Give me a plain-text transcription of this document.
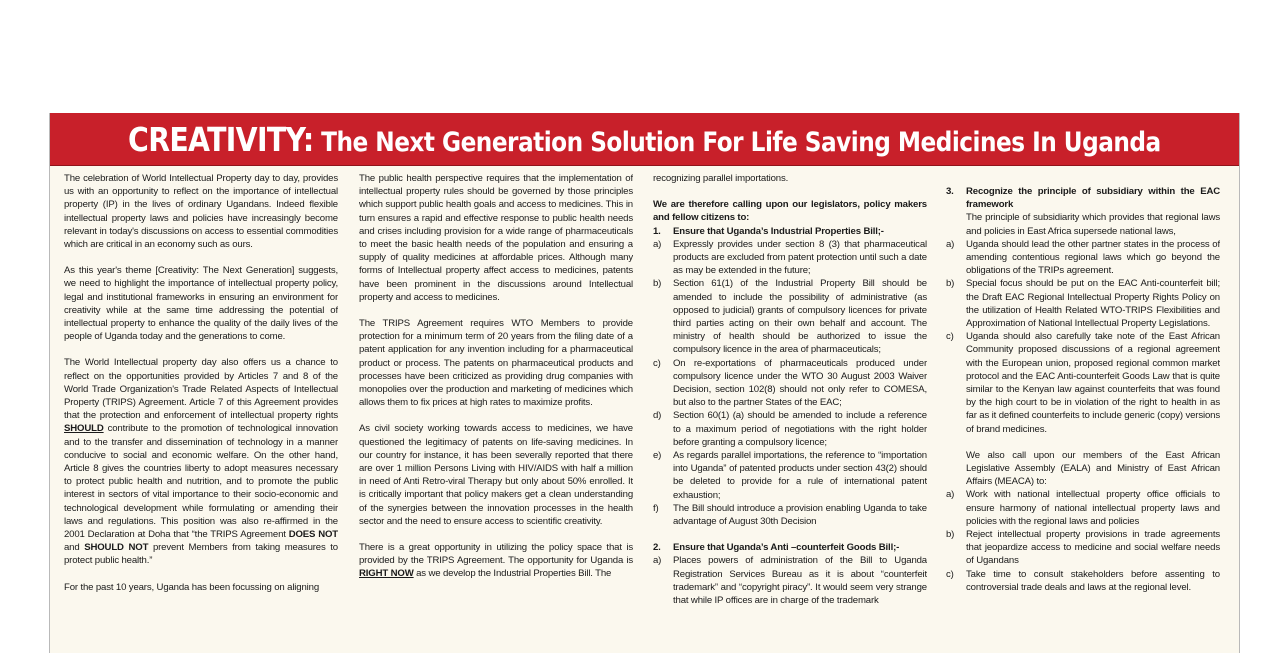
CREATIVITY: The Next Generation Solution For Life Saving Medicines In Uganda

The celebration of World Intellectual Property day to day, provides us with an opportunity to reflect on the importance of intellectual property (IP) in the lives of ordinary Ugandans. Indeed flexible intellectual property laws and policies have increasingly become relevant in today's discussions on access to essential commodities which are critical in an economy such as ours.

As this year's theme [Creativity: The Next Generation] suggests, we need to highlight the importance of intellectual property policy, legal and institutional frameworks in ensuring an environment for creativity while at the same time addressing the potential of intellectual property to enhance the quality of the daily lives of the people of Uganda today and the generations to come.

The World Intellectual property day also offers us a chance to reflect on the opportunities provided by Articles 7 and 8 of the World Trade Organization's Trade Related Aspects of Intellectual Property (TRIPS) Agreement. Article 7 of this Agreement provides that the protection and enforcement of intellectual property rights SHOULD contribute to the promotion of technological innovation and to the transfer and dissemination of technology in a manner conducive to social and economic welfare. On the other hand, Article 8 gives the countries liberty to adopt measures necessary to protect public health and nutrition, and to promote the public interest in sectors of vital importance to their socio-economic and technological development while formulating or amending their laws and regulations. This position was also re-affirmed in the 2001 Declaration at Doha that “the TRIPS Agreement DOES NOT and SHOULD NOT prevent Members from taking measures to protect public health.”

For the past 10 years, Uganda has been focussing on aligning

The public health perspective requires that the implementation of intellectual property rules should be governed by those principles which support public health goals and access to medicines. This in turn ensures a rapid and effective response to public health needs and crises including provision for a wide range of pharmaceuticals to meet the basic health needs of the population and ensuring a supply of quality medicines at affordable prices. Although many forms of Intellectual property affect access to medicines, patents have been prominent in the discussions around Intellectual property and access to medicines.

The TRIPS Agreement requires WTO Members to provide protection for a minimum term of 20 years from the filing date of a patent application for any invention including for a pharmaceutical product or process. The patents on pharmaceutical products and processes have been criticized as providing drug companies with monopolies over the production and marketing of medicines which allows them to fix prices at high rates to maximize profits.

As civil society working towards access to medicines, we have questioned the legitimacy of patents on life-saving medicines. In our country for instance, it has been severally reported that there are over 1 million Persons Living with HIV/AIDS with half a million in need of Anti Retro-viral Therapy but only about 50% enrolled. It is critically important that policy makers get a clean understanding of the synergies between the innovation processes in the health sector and the need to ensure access to scientific creativity.

There is a great opportunity in utilizing the policy space that is provided by the TRIPS Agreement. The opportunity for Uganda is RIGHT NOW as we develop the Industrial Properties Bill. The

recognizing parallel importations.

We are therefore calling upon our legislators, policy makers and fellow citizens to:

1.	Ensure that Uganda’s Industrial Properties Bill;-
a)	Expressly provides under section 8 (3) that pharmaceutical products are excluded from patent protection until such a date as may be extended in the future;
b)	Section 61(1) of the Industrial Property Bill should be amended to include the possibility of administrative (as opposed to judicial) grants of compulsory licences for private third parties acting on their own behalf and account. The ministry of health should be authorized to issue the compulsory licence in the area of pharmaceuticals;
c)	On re-exportations of pharmaceuticals produced under compulsory licence under the WTO 30 August 2003 Waiver Decision, section 102(8) should not only refer to COMESA, but also to the partner States of the EAC;
d)	Section 60(1) (a) should be amended to include a reference to a maximum period of negotiations with the right holder before granting a compulsory licence;
e)	As regards parallel importations, the reference to “importation into Uganda” of patented products under section 43(2) should be deleted to provide for a rule of international patent exhaustion;
f)	The Bill should introduce a provision enabling Uganda to take advantage of August 30th Decision
2.	Ensure that Uganda’s Anti –counterfeit Goods Bill;-
a)	Places powers of administration of the Bill to Uganda Registration Services Bureau as it is about “counterfeit trademark” and “copyright piracy”. It would seem very strange that while IP offices are in charge of the trademark
3.	Recognize the principle of subsidiary within the EAC framework

The principle of subsidiarity which provides that regional laws and policies in East Africa supersede national laws,

a)	Uganda should lead the other partner states in the process of amending contentious regional laws which go beyond the obligations of the TRIPs agreement.
b)	Special focus should be put on the EAC Anti-counterfeit bill; the Draft EAC Regional Intellectual Property Rights Policy on the utilization of Health Related WTO-TRIPS Flexibilities and Approximation of National Intellectual Property Legislations.
c)	Uganda should also carefully take note of the East African Community proposed discussions of a regional agreement with the European union, proposed regional common market protocol and the EAC Anti-counterfeit Goods Law that is quite similar to the Kenyan law against counterfeits that was found by the high court to be in violation of the right to health in as far as it defined counterfeits to include generic (copy) versions of brand medicines.

We also call upon our members of the East African Legislative Assembly (EALA) and Ministry of East African Affairs (MEACA) to:

a)	Work with national intellectual property office officials to ensure harmony of national intellectual property laws and policies with the regional laws and policies
b)	Reject intellectual property provisions in trade agreements that jeopardize access to medicine and social welfare needs of Ugandans
c)	Take time to consult stakeholders before assenting to controversial trade deals and laws at the regional level.
